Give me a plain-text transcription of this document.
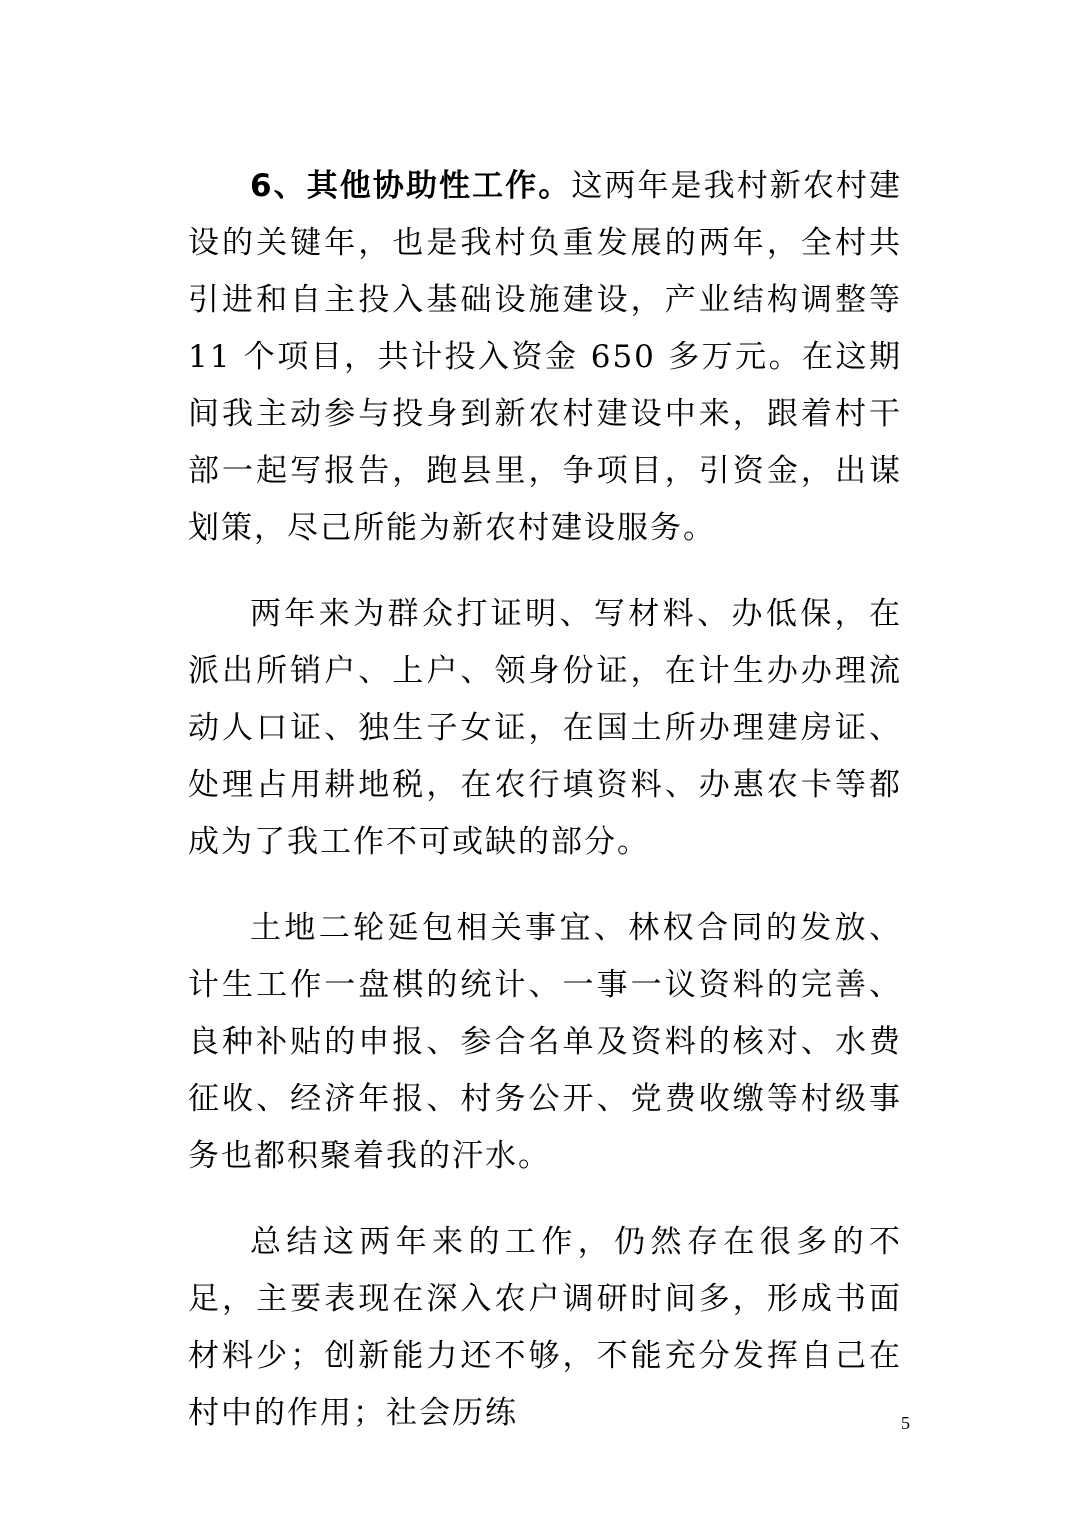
6、其他协助性工作。这两年是我村新农村建设的关键年，也是我村负重发展的两年，全村共引进和自主投入基础设施建设，产业结构调整等 11 个项目，共计投入资金 650 多万元。在这期间我主动参与投身到新农村建设中来，跟着村干部一起写报告，跑县里，争项目，引资金，出谋划策，尽己所能为新农村建设服务。

两年来为群众打证明、写材料、办低保，在派出所销户、上户、领身份证，在计生办办理流动人口证、独生子女证，在国土所办理建房证、处理占用耕地税，在农行填资料、办惠农卡等都成为了我工作不可或缺的部分。

土地二轮延包相关事宜、林权合同的发放、计生工作一盘棋的统计、一事一议资料的完善、良种补贴的申报、参合名单及资料的核对、水费征收、经济年报、村务公开、党费收缴等村级事务也都积聚着我的汗水。

总结这两年来的工作，仍然存在很多的不足，主要表现在深入农户调研时间多，形成书面材料少；创新能力还不够，不能充分发挥自己在村中的作用；社会历练	5
